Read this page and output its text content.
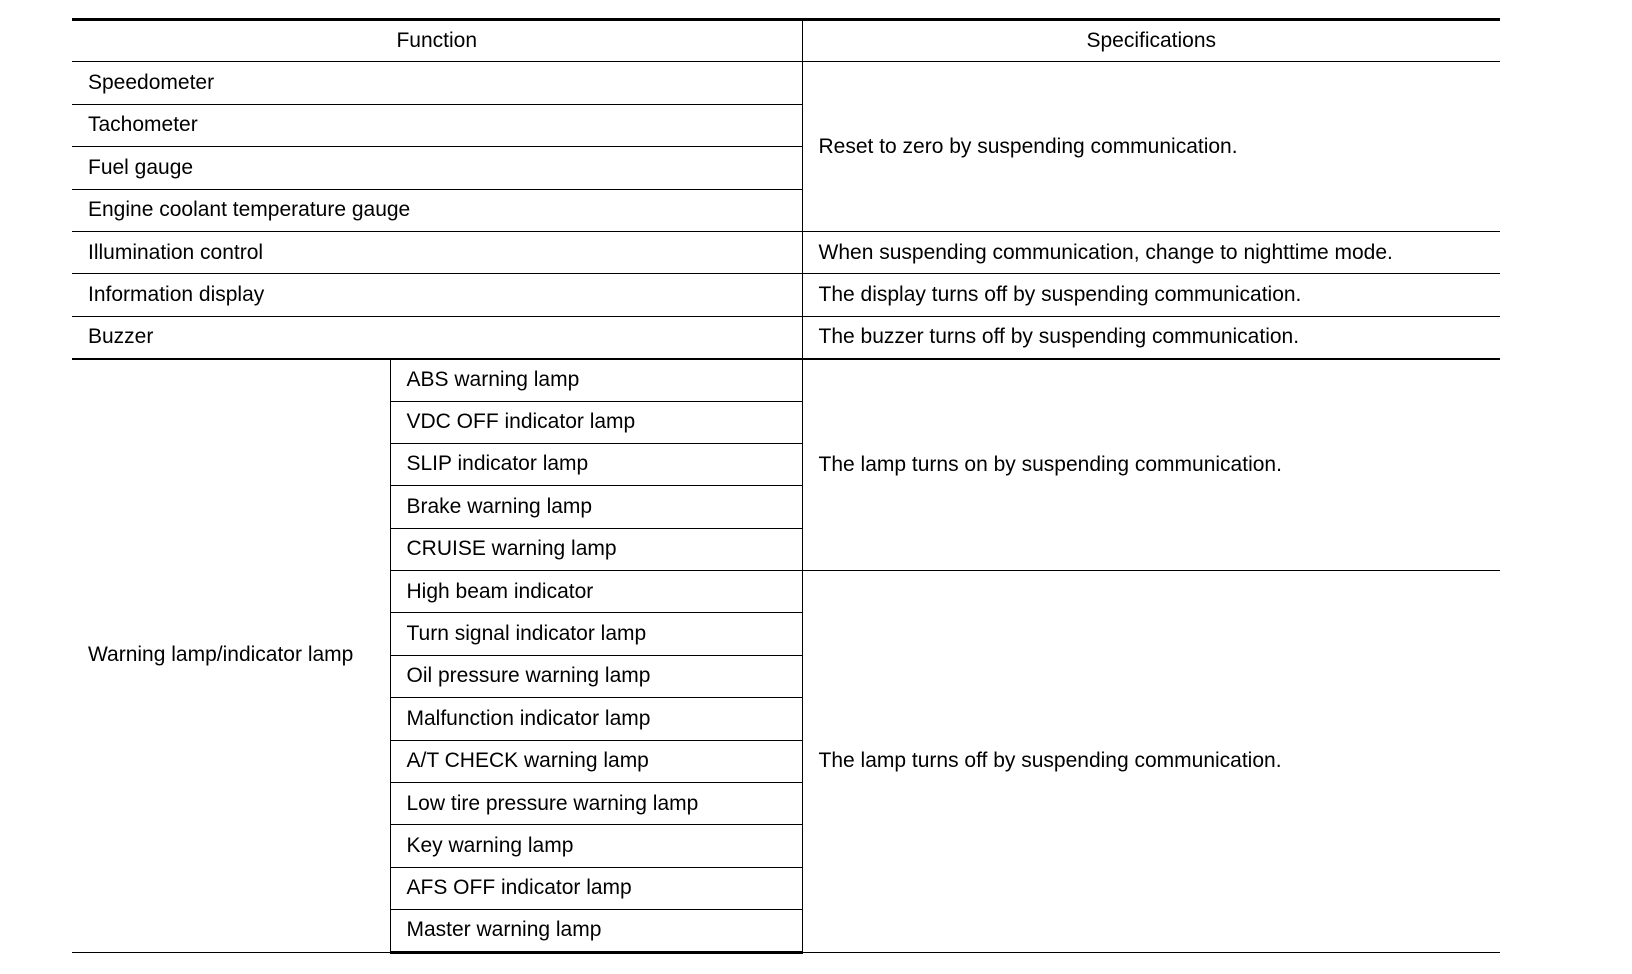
Function		Specifications
Speedometer		Reset to zero by suspending communication.
Tachometer		
Fuel gauge		
Engine coolant temperature gauge		
Illumination control		When suspending communication, change to nighttime mode.
Information display		The display turns off by suspending communication.
Buzzer		The buzzer turns off by suspending communication.
Warning lamp/indicator lamp	ABS warning lamp	The lamp turns on by suspending communication.
	VDC OFF indicator lamp	
	SLIP indicator lamp	
	Brake warning lamp	
	CRUISE warning lamp	
	High beam indicator	The lamp turns off by suspending communication.
	Turn signal indicator lamp	
	Oil pressure warning lamp	
	Malfunction indicator lamp	
	A/T CHECK warning lamp	
	Low tire pressure warning lamp	
	Key warning lamp	
	AFS OFF indicator lamp	
	Master warning lamp	
